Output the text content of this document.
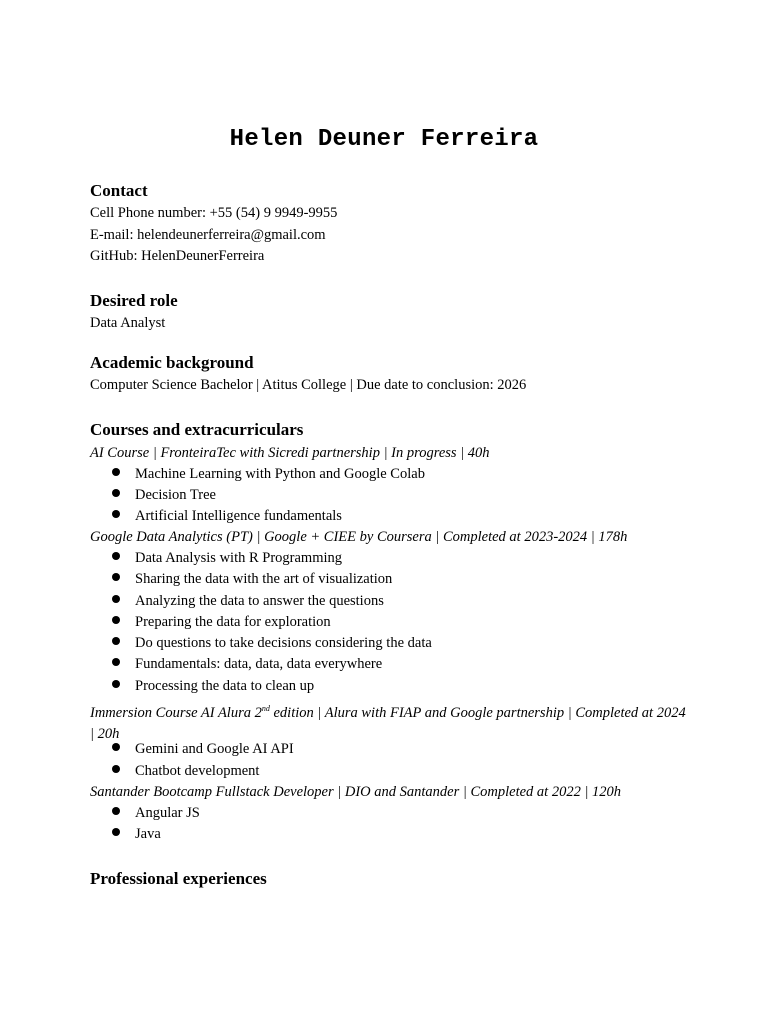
Helen Deuner Ferreira
Contact
Cell Phone number: +55 (54) 9 9949-9955
E-mail: helendeunerferreira@gmail.com
GitHub: HelenDeunerFerreira
Desired role
Data Analyst
Academic background
Computer Science Bachelor | Atitus College | Due date to conclusion: 2026
Courses and extracurriculars
AI Course | FronteiraTec with Sicredi partnership | In progress | 40h
Machine Learning with Python and Google Colab
Decision Tree
Artificial Intelligence fundamentals
Google Data Analytics (PT) | Google + CIEE by Coursera | Completed at 2023-2024 | 178h
Data Analysis with R Programming
Sharing the data with the art of visualization
Analyzing the data to answer the questions
Preparing the data for exploration
Do questions to take decisions considering the data
Fundamentals: data, data, data everywhere
Processing the data to clean up
Immersion Course AI Alura 2nd edition | Alura with FIAP and Google partnership | Completed at 2024 | 20h
Gemini and Google AI API
Chatbot development
Santander Bootcamp Fullstack Developer | DIO and Santander | Completed at 2022 | 120h
Angular JS
Java
Professional experiences
